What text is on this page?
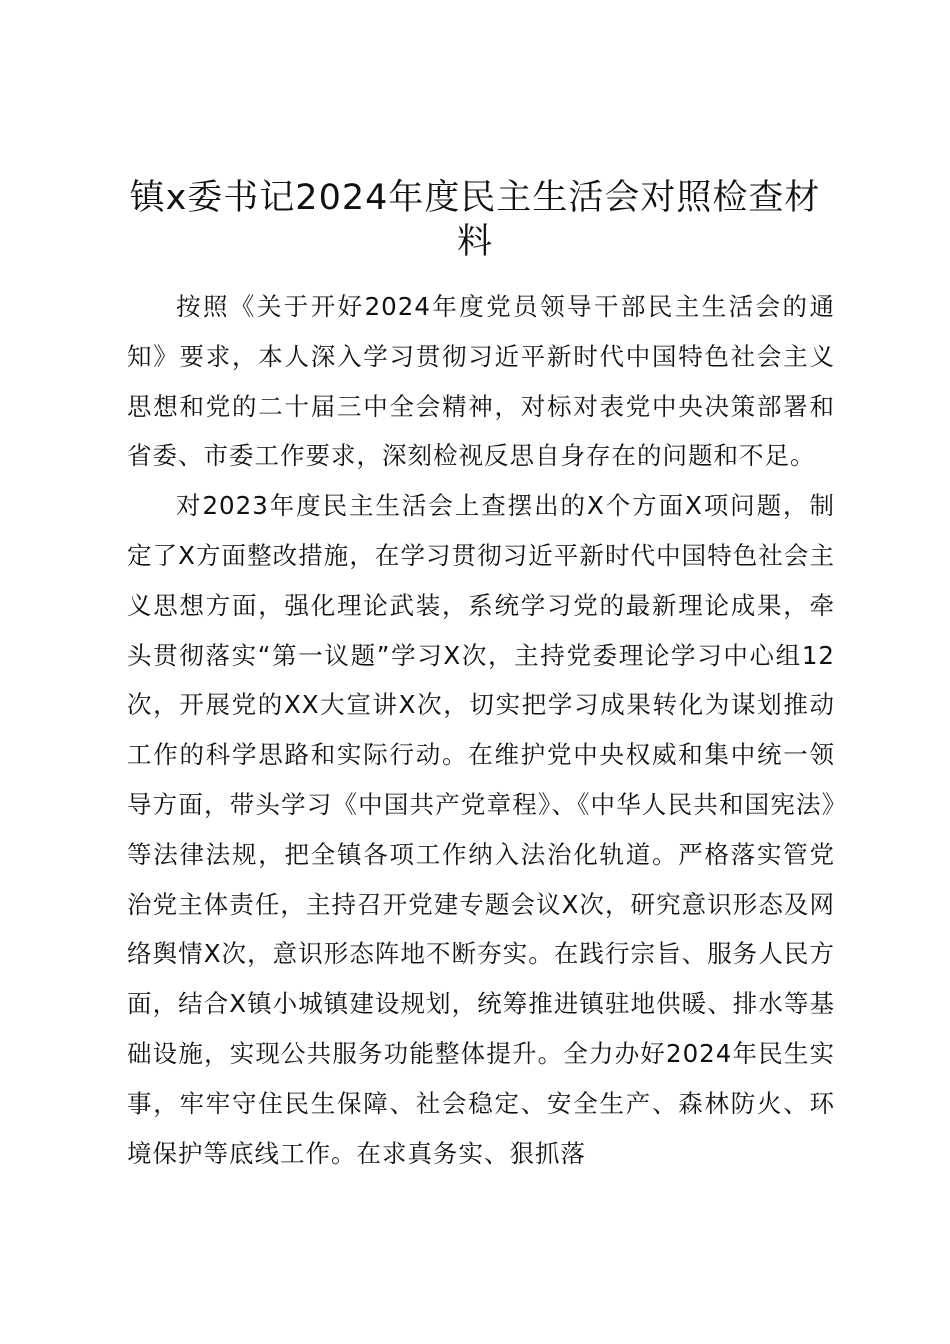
镇x委书记2024年度民主生活会对照检查材料

按照《关于开好2024年度党员领导干部民主生活会的通知》要求，本人深入学习贯彻习近平新时代中国特色社会主义思想和党的二十届三中全会精神，对标对表党中央决策部署和省委、市委工作要求，深刻检视反思自身存在的问题和不足。

对2023年度民主生活会上查摆出的X个方面X项问题，制定了X方面整改措施，在学习贯彻习近平新时代中国特色社会主义思想方面，强化理论武装，系统学习党的最新理论成果，牵头贯彻落实“第一议题”学习X次，主持党委理论学习中心组12次，开展党的XX大宣讲X次，切实把学习成果转化为谋划推动工作的科学思路和实际行动。在维护党中央权威和集中统一领导方面，带头学习《中国共产党章程》、《中华人民共和国宪法》等法律法规，把全镇各项工作纳入法治化轨道。严格落实管党治党主体责任，主持召开党建专题会议X次，研究意识形态及网络舆情X次，意识形态阵地不断夯实。在践行宗旨、服务人民方面，结合X镇小城镇建设规划，统筹推进镇驻地供暖、排水等基础设施，实现公共服务功能整体提升。全力办好2024年民生实事，牢牢守住民生保障、社会稳定、安全生产、森林防火、环境保护等底线工作。在求真务实、狠抓落
